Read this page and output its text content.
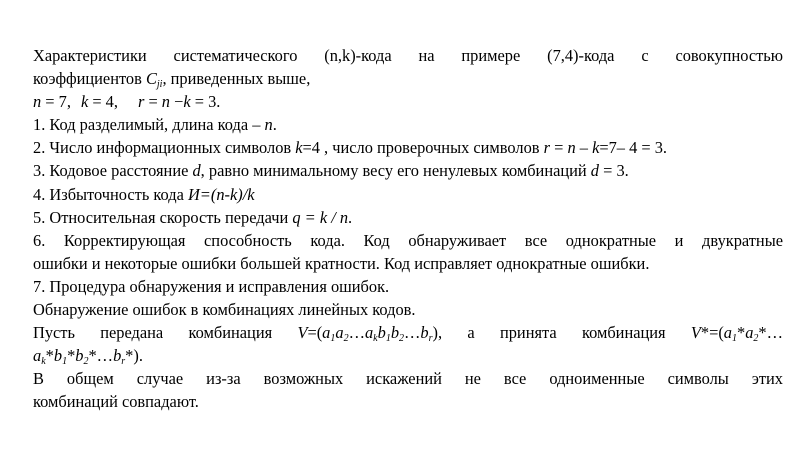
Характеристики систематического (n,k)-кода на примере (7,4)-кода с совокупностью
коэффициентов $C_{ji}$, приведенных выше,
n = 7, k = 4, r = n −k = 3.
1. Код разделимый, длина кода – n.
2. Число информационных символов k=4 , число проверочных символов r = n – k=7– 4 = 3.
3. Кодовое расстояние d, равно минимальному весу его ненулевых комбинаций d = 3.
4. Избыточность кода И=(n-k)/k
5. Относительная скорость передачи q = k / n.
6. Корректирующая способность кода. Код обнаруживает все однократные и двукратные
ошибки и некоторые ошибки большей кратности. Код исправляет однократные ошибки.
7. Процедура обнаружения и исправления ошибок.
Обнаружение ошибок в комбинациях линейных кодов.
Пусть передана комбинация $V=(a_1a_2\dots a_kb_1b_2\dots b_r)$, а принята комбинация $V*=(a_1*a_2*\dots$
$a_k*b_1*b_2*\dots b_r*$).
В общем случае из-за возможных искажений не все одноименные символы этих
комбинаций совпадают.
